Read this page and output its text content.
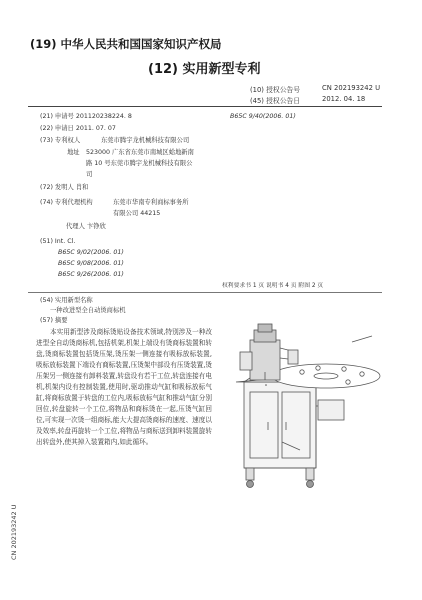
(19) 中华人民共和国国家知识产权局
(12) 实用新型专利
(10) 授权公告号	CN 202193242 U
(45) 授权公告日	2012. 04. 18
(21) 申请号 201120238224. 8	B65C 9/40(2006. 01)
(22) 申请日 2011. 07. 07
(73) 专利权人	东莞市腾宇龙机械科技有限公司
地址 523000 广东省东莞市南城区蛤地新南
路 10 号东莞市腾宇龙机械科技有限公
司
(72) 发明人 肖和
(74) 专利代理机构	东莞市华南专利商标事务所
有限公司 44215
代理人 卞铮欣
(51) Int. Cl.
B65C 9/02(2006. 01)
B65C 9/08(2006. 01)
B65C 9/26(2006. 01)
权利要求书 1 页 说明书 4 页 附图 2 页
(54) 实用新型名称
一种改进型全自动烫商标机
(57) 摘要
本实用新型涉及商标烫贴设备技术领域,特别涉及一种改进型全自动烫商标机,包括机架,机架上端设有烫商标装置和转盘,烫商标装置包括烫压架,烫压架一侧连接有吸标放标装置,吸标放标装置下端设有商标装置,压烫架中部设有压烫装置,烫压架另一侧连接有卸料装置,转盘设有若干工位,转盘连接有电机,机架内设有控制装置,使用时,驱动推动气缸和吸标放标气缸,将商标放置于转盘的工位内,吸标放标气缸和推动气缸分别回位,转盘旋转一个工位,将物品和商标烫在一起,压烫气缸回位,可实现一次烫一组商标,能大大提高烫商标的速度、速度以及效率,转盘再旋转一个工位,将物品与商标送到卸料装置旋转出转盘外,使其掉入装置箱内,如此循环。
CN 202193242 U
